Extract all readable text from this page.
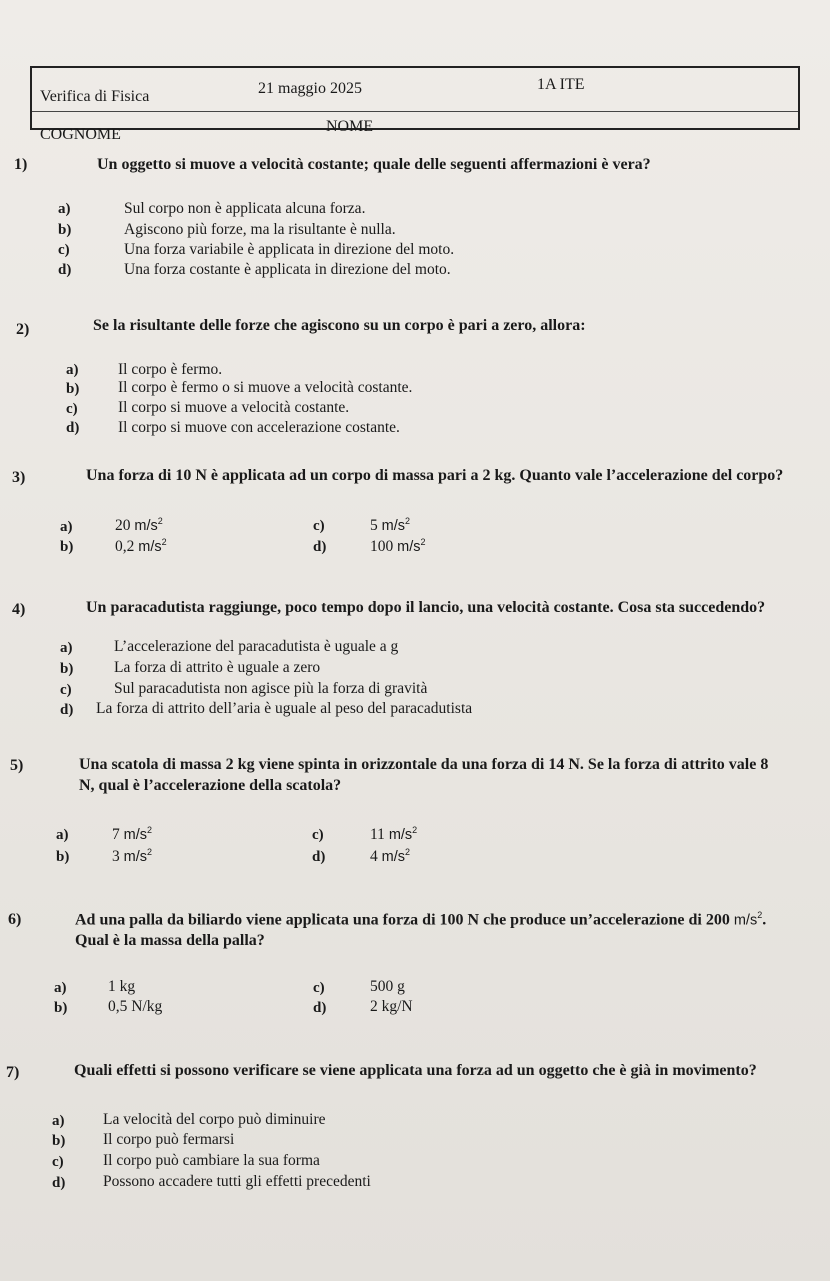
Verifica di Fisica	21 maggio 2025	1A ITE
COGNOME	NOME
1)	Un oggetto si muove a velocità costante; quale delle seguenti affermazioni è vera?
a)	Sul corpo non è applicata alcuna forza.
b)	Agiscono più forze, ma la risultante è nulla.
c)	Una forza variabile è applicata in direzione del moto.
d)	Una forza costante è applicata in direzione del moto.
2)	Se la risultante delle forze che agiscono su un corpo è pari a zero, allora:
a)	Il corpo è fermo.
b) Il corpo è fermo o si muove a velocità costante.
c)	Il corpo si muove a velocità costante.
d) Il corpo si muove con accelerazione costante.
3)	Una forza di 10 N è applicata ad un corpo di massa pari a 2 kg. Quanto vale l’accelerazione del corpo?
a)	20 $m/s^2$
b)	0,2 $m/s^2$
c)	5 $m/s^2$
d)	100 $m/s^2$
4)	Un paracadutista raggiunge, poco tempo dopo il lancio, una velocità costante. Cosa sta succedendo?
a)	L’accelerazione del paracadutista è uguale a g
b)	La forza di attrito è uguale a zero
c)	Sul paracadutista non agisce più la forza di gravità
d) La forza di attrito dell’aria è uguale al peso del paracadutista
5)	Una scatola di massa 2 kg viene spinta in orizzontale da una forza di 14 N. Se la forza di attrito vale 8
N, qual è l’accelerazione della scatola?
a)	7 $m/s^2$
b)	3 $m/s^2$
c)	11 $m/s^2$
d)	4 $m/s^2$
6)	Ad una palla da biliardo viene applicata una forza di 100 N che produce un’accelerazione di 200 $m/s^2$.
Qual è la massa della palla?
a)	1 kg
b)	0,5 N/kg
c)	500 g
d)	2 kg/N
7)	Quali effetti si possono verificare se viene applicata una forza ad un oggetto che è già in movimento?
a) La velocità del corpo può diminuire
b) Il corpo può fermarsi
c)	Il corpo può cambiare la sua forma
d) Possono accadere tutti gli effetti precedenti
